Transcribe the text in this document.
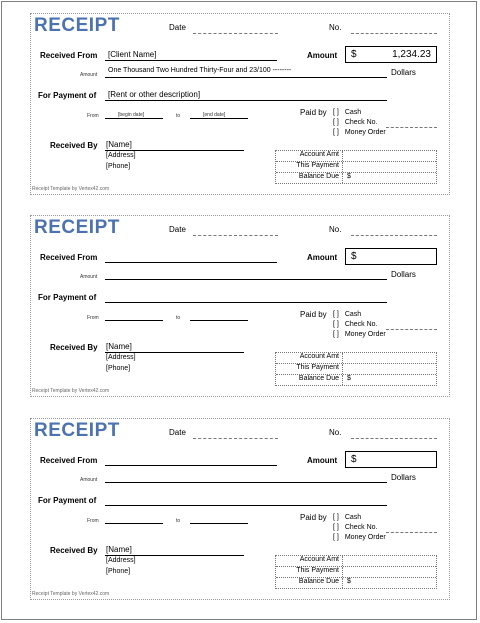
RECEIPT	Date	No.
Received From [Client Name]	Amount $	1,234.23
Amount
One Thousand Two Hundred Thirty-Four and 23/100 --------	Dollars
For Payment of [Rent or other description]
From	[begin date]	to	[end date]	Paid by [ ] Cash
[ ] Check No.
[ ] Money Order
Received By [Name]
[Address]
[Phone]
Account Amt
This Payment
Balance Due	$
Receipt Template by Vertex42.com
RECEIPT	Date	No.
Received From	Amount $
Amount	Dollars
For Payment of
From	to	Paid by [ ] Cash
[ ] Check No.
[ ] Money Order
Received By [Name]
[Address]
[Phone]
Account Amt
This Payment
Balance Due	$
Receipt Template by Vertex42.com
RECEIPT	Date	No.
Received From	Amount $
Amount	Dollars
For Payment of
From	to	Paid by [ ] Cash
[ ] Check No.
[ ] Money Order
Received By [Name]
[Address]
[Phone]
Account Amt
This Payment
Balance Due	$
Receipt Template by Vertex42.com
